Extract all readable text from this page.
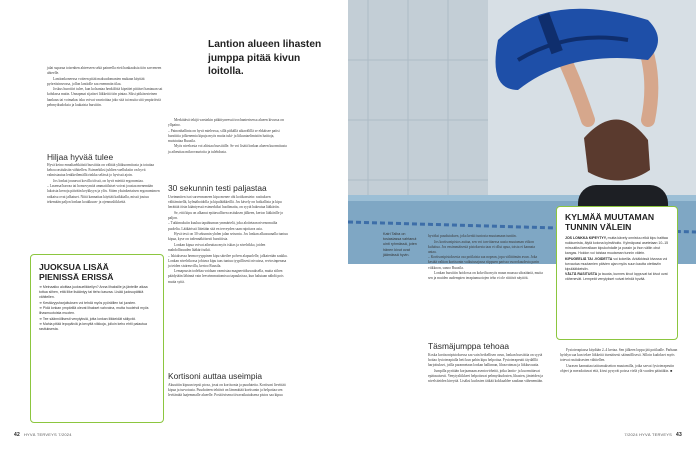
jalat suparaa toisenhen ahteeseen sekä paineella eteä hankauksia tiön sarveneen ahteelle.

Lantionkoneessa voiteen pitää maksudomanien mukaan käyttää pyöreäsinseossa, jollon lantiolle saa enemmän tilaa.

Joskus hurotiiri tulee, kun kolsantaa henkilöitä kipeätet pitäiset hantauan sai kohdassa matin. Unnapmat sijaitset liikkeitä tiön pintaa. Siksi pitkäsesteinen hankaus tai voimakas isku voivat vaurioittaa joko sitä tai muita sitä ympäröiviä pehmytkudoksia ja laukaista bursiitin.

Hiljaa hyvää tulee

Hyvä keino ennaltaehkäistä bursiittia on välttää yliäkuormitusta ja totuttaa kehoa rasituksiin vähitellen. Esimerkiksi juhlien vaelluksiin on hyvä valmistautua lenkkeilemällä rinkka selässä jo hyvissä ajoin.

Jos lonkat jounavat kovilla töissä, on hyvä miettiä ergonomiaa.

– Lasensa/harvaa tai homovymöä ammattilaiset voivat joustaa menemään lukoista kerroja päivään keykkyyn ja ylös. Sitten yksinkertaisen ergonomimen ratkaisu ovat jalkatuet. Niitä kannattaa käyttää kaikkialla, missä joutuu tekemään paljon lonkan koukkuun- ja ojennusliikkeitä.

JUOKSUA LISÄÄ PIENISSÄ ERISSÄ

➜ Meinaatko aloittaa juoksuelikkeilyn? Anna lihaksille ja jänteille aikaa tottua siihen, että liike lisääntyy tai tieho kasvaa. Lisää juoksupätkiä vähitellen.

➜ Kestävyysharjoituksen voi tehdä myös pyöräillen tai juosten.

➜ Pidä lonkan ympärillä olevat lihakset vahvoina, mutta huolehdi myös lihasmuotoista muoten.

➜ Tee säännöllisesti venytyksiä, jotta lonkan liikkeidät säilyvät.

➜ Mahia pitää lepopäiviä ja kevyitä viikkoja, jolloin keho ehtii palautua rasituksesta.

Lantion alueen lihasten jumppa pitää kivun loitolla.

Merkittävä tekijä varsinkin pitkittyneessä trochanterisessa alueen kivussa on yllpaino.

– Painonhallinta on hyvä mielesssa, sillä pitkällä aikavälillä se ehkäisee paitsi bursiittia jolkenemia kipuja myös muita tuki- ja liikuntaelimistön haittoja, muistuttaa Ruusila.

Myös nivelrasta voi altistaa bursiitille. Se voi lisätä lonkan alueen kuormitusta ja aiheuttaa mikrovaurioita ja tulehdusta.

30 sekunnin testi paljastaa

Useimmiten isot sarvennoneen kipu menee ohi kotikonstein: rasituksen välttämisellä, kylmähoidolla ja kipulääkkeillä. Jos kävely on hoikallista ja kipu herättää öisin kääntyessä esimerkiksi huolimatta, on syytä hakeutua lääkäriin.

Se, että kipu on alkanut epätavallisen rasituksen jälkeen, kertoo lääkärille jo paljon.

– Tutkimuksiin kuuluu tapahtuman ymmärtelä, joka aloitetaan nivenomailta puolelta. Lääkärissä liitetään sitä en terveyden saan rajoitava asia.

Hyvä testi on 30 sekunnin yhden jalan seisonta. Jos lonkan alkusuunalla tuntuu kipua, kyse on todennäköisesti bursiitista.

Lonkan kipua voivat aiheuttaa myös iskias ja nivelrikko, joiden mahdollisuuden lääkäri tutkii.

– Iskiaksessa hermovyyppinen kipu säteilee polven alapuolelle, jalkaterään saakka. Lonkan nivelrikossa johtuva kipu taas tuntuu tyypillisesti nivuissa, reviosinpenasa ja teiden sisäreuvilla, kertoo Ruusila.

Lemapsusin todeltaa voidaan varmistaa magneettikuvauksella, mutta siihen päädytään lähinnä vain leesvimmattomissa tapauksissa, kun halutaan nähdä pois muita syitä.

Kortisoni auttaa useimpia

Akuuttiin kipuun tepsii ptosa, josai on kortisonia ja puudutetta. Kortisoni lievittää kipua ja turvotusta. Puudutteen tehtävä on lämmittää kortisonin ja helpottaa sen levitäntää laajemmalle alueelle. Positiivisena tiivavaikutuksena pistos saa kipua

42 HYVÄ TERVEYS 7/2024
Katri Talba on tosiasiassa vahtanut uinti ryhmässä, joten hänen kivut ovat jäämässä hyvin.

hyväksi puudutuksen, joka keräii tuntosta muutamaan tuntiin.

Jos kortisonipistos auttaa, sen voi tarvittaessa uusia muutaman viikon kuluttua. Jos ensimmäisestä pistoksesta taas ei ollut apua, toista ei kannata antaa.

– Kortisonipistoksesta osa potilaista saa nopean, jopa välittömän avun. Joka kestää valtion kortisonin vaikutusajassa riippuen parissa vuorokaudesta parin viikkoon, sanoo Ruusila.

Lonkan bursiitin hoidossa on kokeiltu myös muun muassa ultraääntä, mutta sen ja muiden uudempien terapiamuotojen teho ei ole riittävä näyttöä.

Täsmäjumppa tehoaa

Koska kortisonipistoksessa saa vain hetkellisen avun, lonkan bursiittia on syytä hoitaa fysioterapialla heti kun pahin kipu helpottaa. Fysioterapeutti täydälllä harjoitukset, joilla parannetaan lonkan hallinnan, lihasvoimaa ja liikkuvuutta.

Jumpilla pyritään korjaamaan asentovirheitä, jotka lantio- ja kuormittavat epätasaisesti. Venytysliikkeet helpottavat pehmytkudosten, lihasten, jänteiden ja nivelsiteiden kireyttä. Lisäksi kudosten tätkää kokkaaldee saadaan vähenemään.

KYLMÄÄ MUUTAMAN TUNNIN VÄLEIN

JOS LONKKA KIPEYTYY, mutta kävely onnistuu eikä kipu haittaa nukkumista, älytä kotona kylmähoito. Kylmäpussi asetetaan 10–15 minuutiksi kerrallaan kipukohdalle ja pussin ja ihon väliin ohut kangas. Hoidon voi toistaa muutaman tunnin välein.

KIPUGEELIÄ TAI -VOIDETTA voi kokeilla. Arkäkkissä kivussa voi turvautua muutamien päivien ajan myös suun kautta otettaviin kipulääkkeisiin.

VÄLTÄ RASITUSTA ja tauota, kunnes kivut loppuvat tai kivut ovat vähenevät. Lempeät venytykset voivat tehdä hyvää.

Fysioterapiassa käydään 2–4 kertaa. Sen jälkeen loppu jää potilaalle. Parhaan hyödyn saa kun tekee liikkeitä itsenäisesti säännöllisesti. Silloin kudokset myös totevat rasituksesten vähitellen.

Uurasen kannattaa taittumuksetton muutamilla, jotka sarvat fysioterapeutin ohjeet ja meradattuvat että, kivut pysyvät poissa vielä ylä vuoden päästäkin. ■

7/2024 HYVÄ TERVEYS 43
